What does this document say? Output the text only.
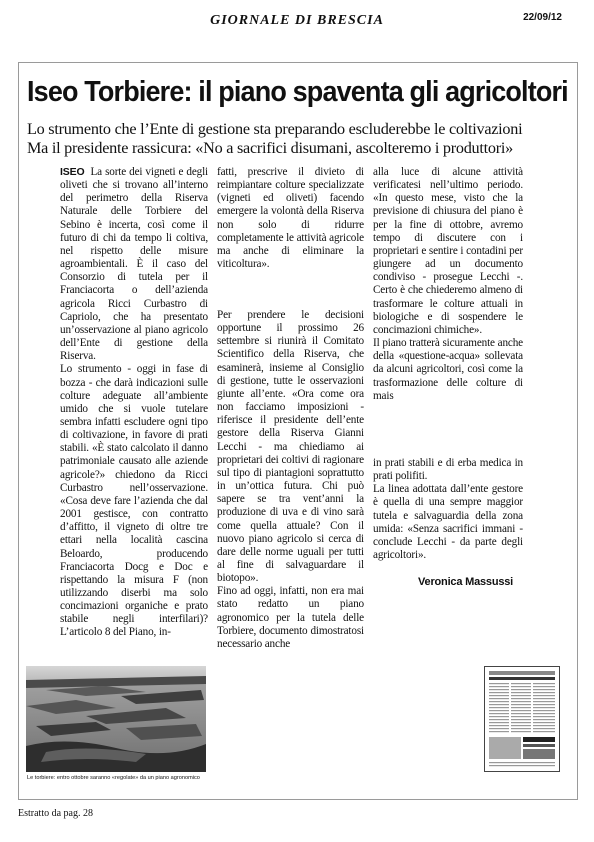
GIORNALE DI BRESCIA	22/09/12
Iseo Torbiere: il piano spaventa gli agricoltori
Lo strumento che l’Ente di gestione sta preparando escluderebbe le coltivazioni
Ma il presidente rassicura: «No a sacrifici disumani, ascolteremo i produttori»

ISEO La sorte dei vigneti e degli oliveti che si trovano all’interno del perimetro della Riserva Naturale delle Torbiere del Sebino è incerta, così come il futuro di chi da tempo li coltiva, nel rispetto delle misure agroambientali. È il caso del Consorzio di tutela per il Franciacorta o dell’azienda agricola Ricci Curbastro di Capriolo, che ha presentato un’osservazione al piano agricolo dell’Ente di gestione della Riserva.

Lo strumento - oggi in fase di bozza - che darà indicazioni sulle colture adeguate all’ambiente umido che si vuole tutelare sembra infatti escludere ogni tipo di coltivazione, in favore di prati stabili. «È stato calcolato il danno patrimoniale causato alle aziende agricole?» chiedono da Ricci Curbastro nell’osservazione. «Cosa deve fare l’azienda che dal 2001 gestisce, con contratto d’affitto, il vigneto di oltre tre ettari nella località cascina Beloardo, producendo Franciacorta Docg e Doc e rispettando la misura F (non utilizzando diserbi ma solo concimazioni organiche e prato stabile negli interfilari)? L’articolo 8 del Piano, in-

fatti, prescrive il divieto di reimpiantare colture specializzate (vigneti ed oliveti) facendo emergere la volontà della Riserva non solo di ridurre completamente le attività agricole ma anche di eliminare la viticoltura».

Per prendere le decisioni opportune il prossimo 26 settembre si riunirà il Comitato Scientifico della Riserva, che esaminerà, insieme al Consiglio di gestione, tutte le osservazioni giunte all’ente. «Ora come ora non facciamo imposizioni - riferisce il presidente dell’ente gestore della Riserva Gianni Lecchi - ma chiediamo ai proprietari dei coltivi di ragionare sul tipo di piantagioni soprattutto in un’ottica futura. Chi può sapere se tra vent’anni la produzione di uva e di vino sarà come quella attuale? Con il nuovo piano agricolo si cerca di dare delle norme uguali per tutti al fine di salvaguardare il biotopo».

Fino ad oggi, infatti, non era mai stato redatto un piano agronomico per la tutela delle Torbiere, documento dimostratosi necessario anche

alla luce di alcune attività verificatesi nell’ultimo periodo. «In questo mese, visto che la previsione di chiusura del piano è per la fine di ottobre, avremo tempo di discutere con i proprietari e sentire i contadini per giungere ad un documento condiviso - prosegue Lecchi -. Certo è che chiederemo almeno di trasformare le colture attuali in biologiche e di sospendere le concimazioni chimiche».

Il piano tratterà sicuramente anche della «questione-acqua» sollevata da alcuni agricoltori, così come la trasformazione delle colture di mais

in prati stabili e di erba medica in prati polifiti.

La linea adottata dall’ente gestore è quella di una sempre maggior tutela e salvaguardia della zona umida: «Senza sacrifici immani - conclude Lecchi - da parte degli agricoltori».

Veronica Massussi
Le torbiere: entro ottobre saranno «regolate» da un piano agronomico
Estratto da pag. 28
